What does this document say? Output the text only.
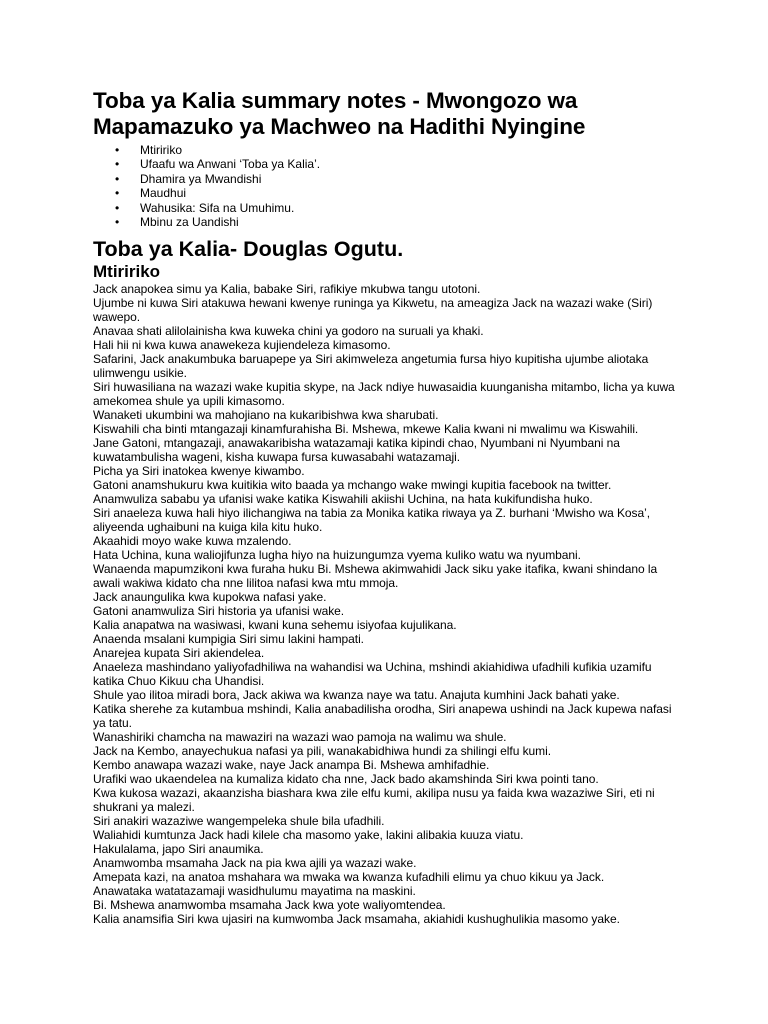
Toba ya Kalia summary notes - Mwongozo wa Mapamazuko ya Machweo na Hadithi Nyingine
• Mtiririko
• Ufaafu wa Anwani ‘Toba ya Kalia’.
• Dhamira ya Mwandishi
• Maudhui
• Wahusika: Sifa na Umuhimu.
• Mbinu za Uandishi
Toba ya Kalia- Douglas Ogutu.
Mtiririko

Jack anapokea simu ya Kalia, babake Siri, rafikiye mkubwa tangu utotoni.

Ujumbe ni kuwa Siri atakuwa hewani kwenye runinga ya Kikwetu, na ameagiza Jack na wazazi wake (Siri) wawepo.

Anavaa shati alilolainisha kwa kuweka chini ya godoro na suruali ya khaki.

Hali hii ni kwa kuwa anawekeza kujiendeleza kimasomo.

Safarini, Jack anakumbuka baruapepe ya Siri akimweleza angetumia fursa hiyo kupitisha ujumbe aliotaka ulimwengu usikie.

Siri huwasiliana na wazazi wake kupitia skype, na Jack ndiye huwasaidia kuunganisha mitambo, licha ya kuwa amekomea shule ya upili kimasomo.

Wanaketi ukumbini wa mahojiano na kukaribishwa kwa sharubati.

Kiswahili cha binti mtangazaji kinamfurahisha Bi. Mshewa, mkewe Kalia kwani ni mwalimu wa Kiswahili.

Jane Gatoni, mtangazaji, anawakaribisha watazamaji katika kipindi chao, Nyumbani ni Nyumbani na kuwatambulisha wageni, kisha kuwapa fursa kuwasabahi watazamaji.

Picha ya Siri inatokea kwenye kiwambo.

Gatoni anamshukuru kwa kuitikia wito baada ya mchango wake mwingi kupitia facebook na twitter.

Anamwuliza sababu ya ufanisi wake katika Kiswahili akiishi Uchina, na hata kukifundisha huko.

Siri anaeleza kuwa hali hiyo ilichangiwa na tabia za Monika katika riwaya ya Z. burhani ‘Mwisho wa Kosa’, aliyeenda ughaibuni na kuiga kila kitu huko.

Akaahidi moyo wake kuwa mzalendo.

Hata Uchina, kuna waliojifunza lugha hiyo na huizungumza vyema kuliko watu wa nyumbani.

Wanaenda mapumzikoni kwa furaha huku Bi. Mshewa akimwahidi Jack siku yake itafika, kwani shindano la awali wakiwa kidato cha nne lilitoa nafasi kwa mtu mmoja.

Jack anaungulika kwa kupokwa nafasi yake.

Gatoni anamwuliza Siri historia ya ufanisi wake.

Kalia anapatwa na wasiwasi, kwani kuna sehemu isiyofaa kujulikana.

Anaenda msalani kumpigia Siri simu lakini hampati.

Anarejea kupata Siri akiendelea.

Anaeleza mashindano yaliyofadhiliwa na wahandisi wa Uchina, mshindi akiahidiwa ufadhili kufikia uzamifu katika Chuo Kikuu cha Uhandisi.

Shule yao ilitoa miradi bora, Jack akiwa wa kwanza naye wa tatu. Anajuta kumhini Jack bahati yake.

Katika sherehe za kutambua mshindi, Kalia anabadilisha orodha, Siri anapewa ushindi na Jack kupewa nafasi ya tatu.

Wanashiriki chamcha na mawaziri na wazazi wao pamoja na walimu wa shule.

Jack na Kembo, anayechukua nafasi ya pili, wanakabidhiwa hundi za shilingi elfu kumi.

Kembo anawapa wazazi wake, naye Jack anampa Bi. Mshewa amhifadhie.

Urafiki wao ukaendelea na kumaliza kidato cha nne, Jack bado akamshinda Siri kwa pointi tano.

Kwa kukosa wazazi, akaanzisha biashara kwa zile elfu kumi, akilipa nusu ya faida kwa wazaziwe Siri, eti ni shukrani ya malezi.

Siri anakiri wazaziwe wangempeleka shule bila ufadhili.

Waliahidi kumtunza Jack hadi kilele cha masomo yake, lakini alibakia kuuza viatu.

Hakulalama, japo Siri anaumika.

Anamwomba msamaha Jack na pia kwa ajili ya wazazi wake.

Amepata kazi, na anatoa mshahara wa mwaka wa kwanza kufadhili elimu ya chuo kikuu ya Jack.

Anawataka watatazamaji wasidhulumu mayatima na maskini.

Bi. Mshewa anamwomba msamaha Jack kwa yote waliyomtendea.

Kalia anamsifia Siri kwa ujasiri na kumwomba Jack msamaha, akiahidi kushughulikia masomo yake.
